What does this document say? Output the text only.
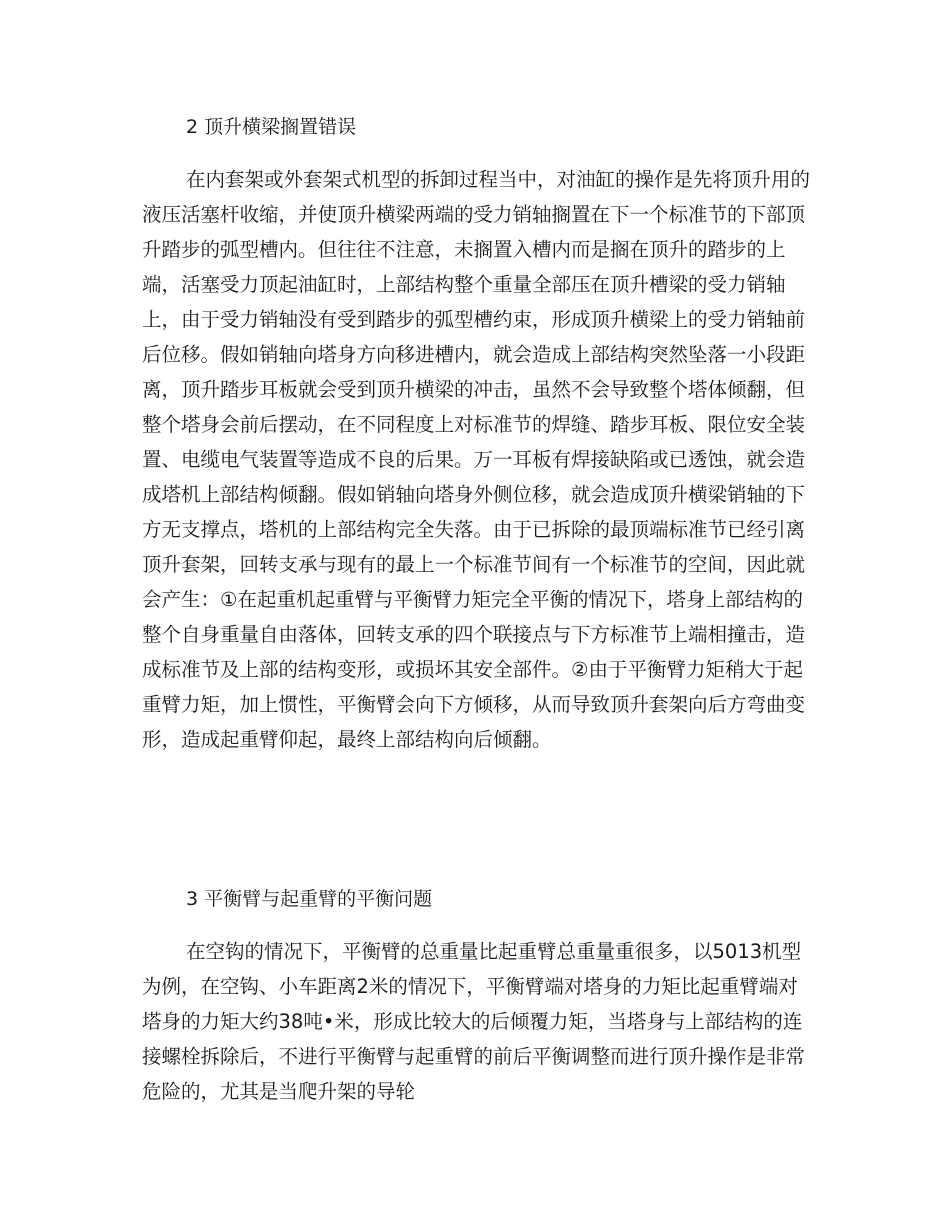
2 顶升横梁搁置错误

在内套架或外套架式机型的拆卸过程当中，对油缸的操作是先将顶升用的液压活塞杆收缩，并使顶升横梁两端的受力销轴搁置在下一个标准节的下部顶升踏步的弧型槽内。但往往不注意，未搁置入槽内而是搁在顶升的踏步的上端，活塞受力顶起油缸时，上部结构整个重量全部压在顶升槽梁的受力销轴上，由于受力销轴没有受到踏步的弧型槽约束，形成顶升横梁上的受力销轴前后位移。假如销轴向塔身方向移进槽内，就会造成上部结构突然坠落一小段距离，顶升踏步耳板就会受到顶升横梁的冲击，虽然不会导致整个塔体倾翻，但整个塔身会前后摆动，在不同程度上对标准节的焊缝、踏步耳板、限位安全装置、电缆电气装置等造成不良的后果。万一耳板有焊接缺陷或已透蚀，就会造成塔机上部结构倾翻。假如销轴向塔身外侧位移，就会造成顶升横梁销轴的下方无支撑点，塔机的上部结构完全失落。由于已拆除的最顶端标准节已经引离顶升套架，回转支承与现有的最上一个标准节间有一个标准节的空间，因此就会产生：①在起重机起重臂与平衡臂力矩完全平衡的情况下，塔身上部结构的整个自身重量自由落体，回转支承的四个联接点与下方标准节上端相撞击，造成标准节及上部的结构变形，或损坏其安全部件。②由于平衡臂力矩稍大于起重臂力矩，加上惯性，平衡臂会向下方倾移，从而导致顶升套架向后方弯曲变形，造成起重臂仰起，最终上部结构向后倾翻。

3 平衡臂与起重臂的平衡问题

在空钩的情况下，平衡臂的总重量比起重臂总重量重很多，以5013机型为例，在空钩、小车距离2米的情况下，平衡臂端对塔身的力矩比起重臂端对塔身的力矩大约38吨•米，形成比较大的后倾覆力矩，当塔身与上部结构的连接螺栓拆除后，不进行平衡臂与起重臂的前后平衡调整而进行顶升操作是非常危险的，尤其是当爬升架的导轮
